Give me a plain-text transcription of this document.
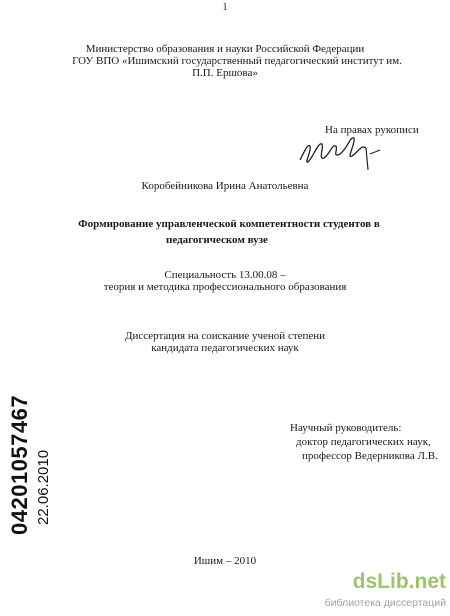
1
Министерство образования и науки Российской Федерации
ГОУ ВПО «Ишимский государственный педагогический институт им.
П.П. Ершова»
На правах рукописи
Коробейникова Ирина Анатольевна
Формирование управленческой компетентности студентов в
педагогическом вузе
Специальность 13.00.08 –
теория и методика профессионального образования
Диссертация на соискание ученой степени
кандидата педагогических наук
Научный руководитель:
доктор педагогических наук,
профессор Ведерникова Л.В.
Ишим – 2010
04201057467 22.06.2010
dsLib.net
библиотека диссертаций
